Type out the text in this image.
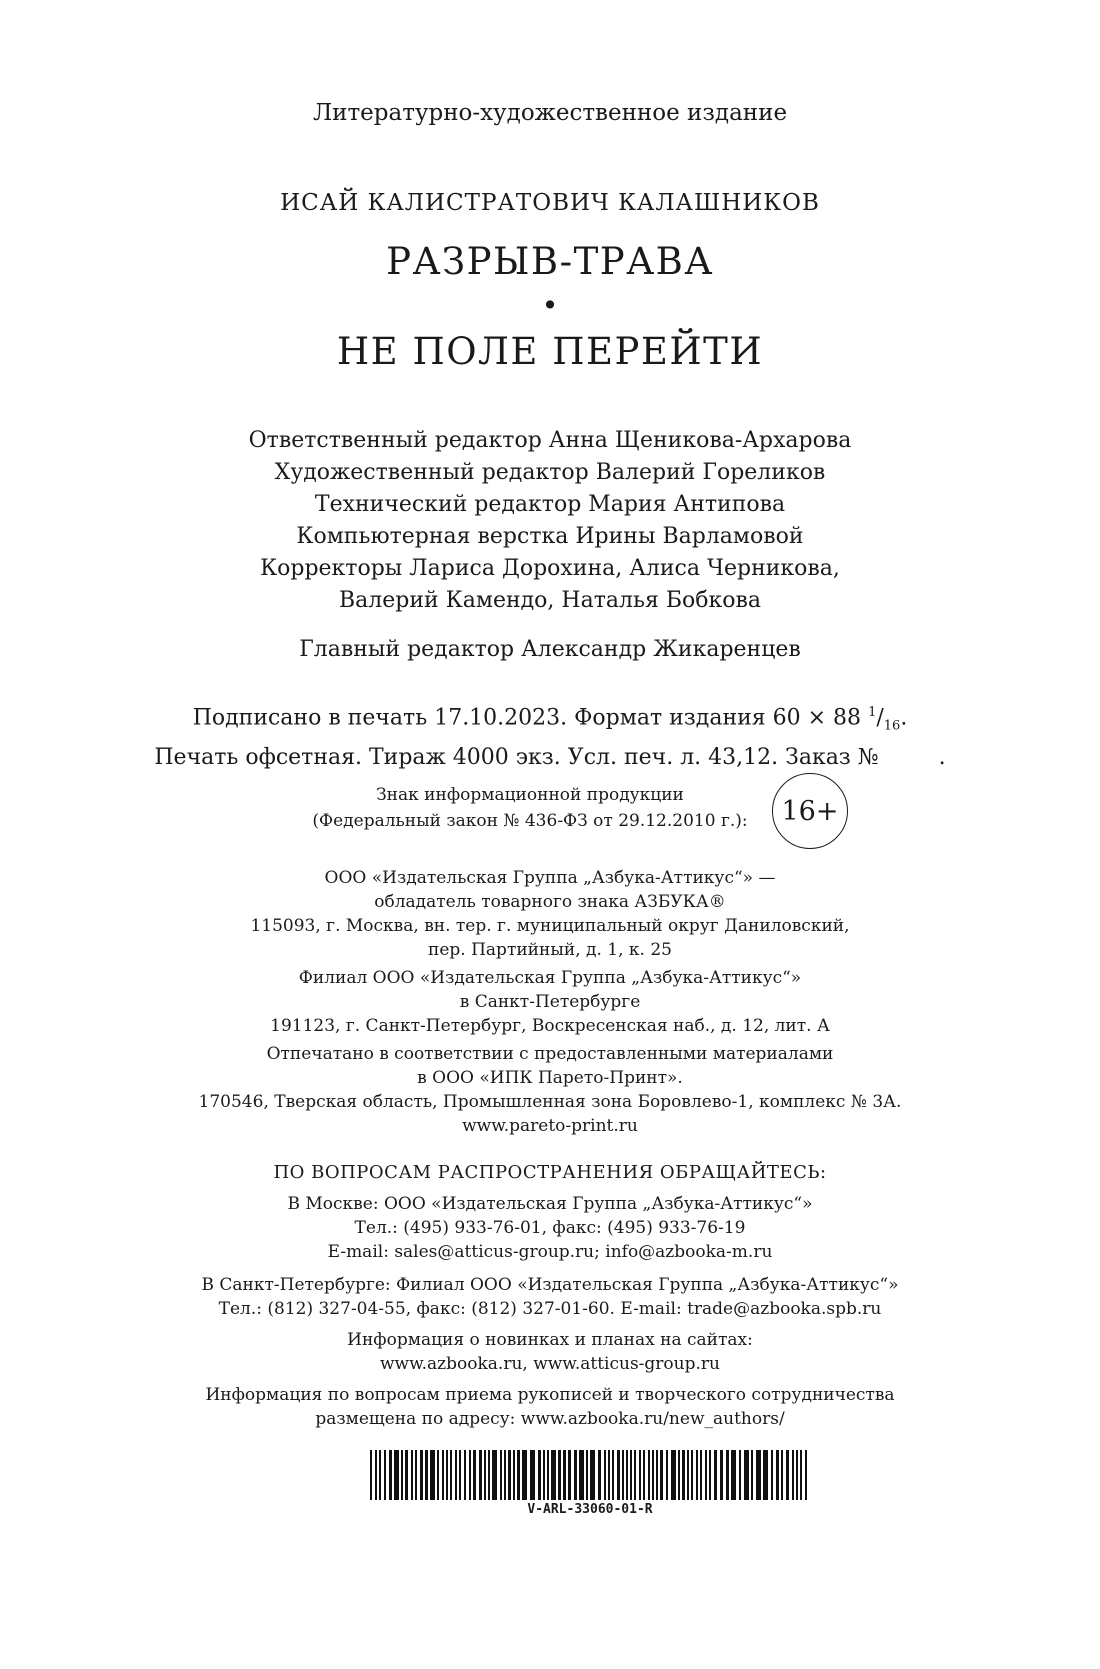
Литературно-художественное издание

ИСАЙ КАЛИСТРАТОВИЧ КАЛАШНИКОВ

РАЗРЫВ-ТРАВА

•

НЕ ПОЛЕ ПЕРЕЙТИ

Ответственный редактор Анна Щеникова-Архарова
Художественный редактор Валерий Гореликов
Технический редактор Мария Антипова
Компьютерная верстка Ирины Варламовой
Корректоры Лариса Дорохина, Алиса Черникова,
Валерий Камендо, Наталья Бобкова

Главный редактор Александр Жикаренцев

Подписано в печать 17.10.2023. Формат издания 60 × 88 $^1/_{16}$.
Печать офсетная. Тираж 4000 экз. Усл. печ. л. 43,12. Заказ №	.
Знак информационной продукции
(Федеральный закон № 436-ФЗ от 29.12.2010 г.):	16+
ООО «Издательская Группа „Азбука-Аттикус“» —
обладатель товарного знака АЗБУКА®
115093, г. Москва, вн. тер. г. муниципальный округ Даниловский,
пер. Партийный, д. 1, к. 25
Филиал ООО «Издательская Группа „Азбука-Аттикус“»
в Санкт-Петербурге
191123, г. Санкт-Петербург, Воскресенская наб., д. 12, лит. А
Отпечатано в соответствии с предоставленными материалами
в ООО «ИПК Парето-Принт».
170546, Тверская область, Промышленная зона Боровлево-1, комплекс № 3А.
www.pareto-print.ru

ПО ВОПРОСАМ РАСПРОСТРАНЕНИЯ ОБРАЩАЙТЕСЬ:

В Москве: ООО «Издательская Группа „Азбука-Аттикус“»
Тел.: (495) 933-76-01, факс: (495) 933-76-19
E-mail: sales@atticus-group.ru; info@azbooka-m.ru
В Санкт-Петербурге: Филиал ООО «Издательская Группа „Азбука-Аттикус“»
Тел.: (812) 327-04-55, факс: (812) 327-01-60. E-mail: trade@azbooka.spb.ru
Информация о новинках и планах на сайтах:
www.azbooka.ru, www.atticus-group.ru
Информация по вопросам приема рукописей и творческого сотрудничества
размещена по адресу: www.azbooka.ru/new_authors/
V-ARL-33060-01-R
